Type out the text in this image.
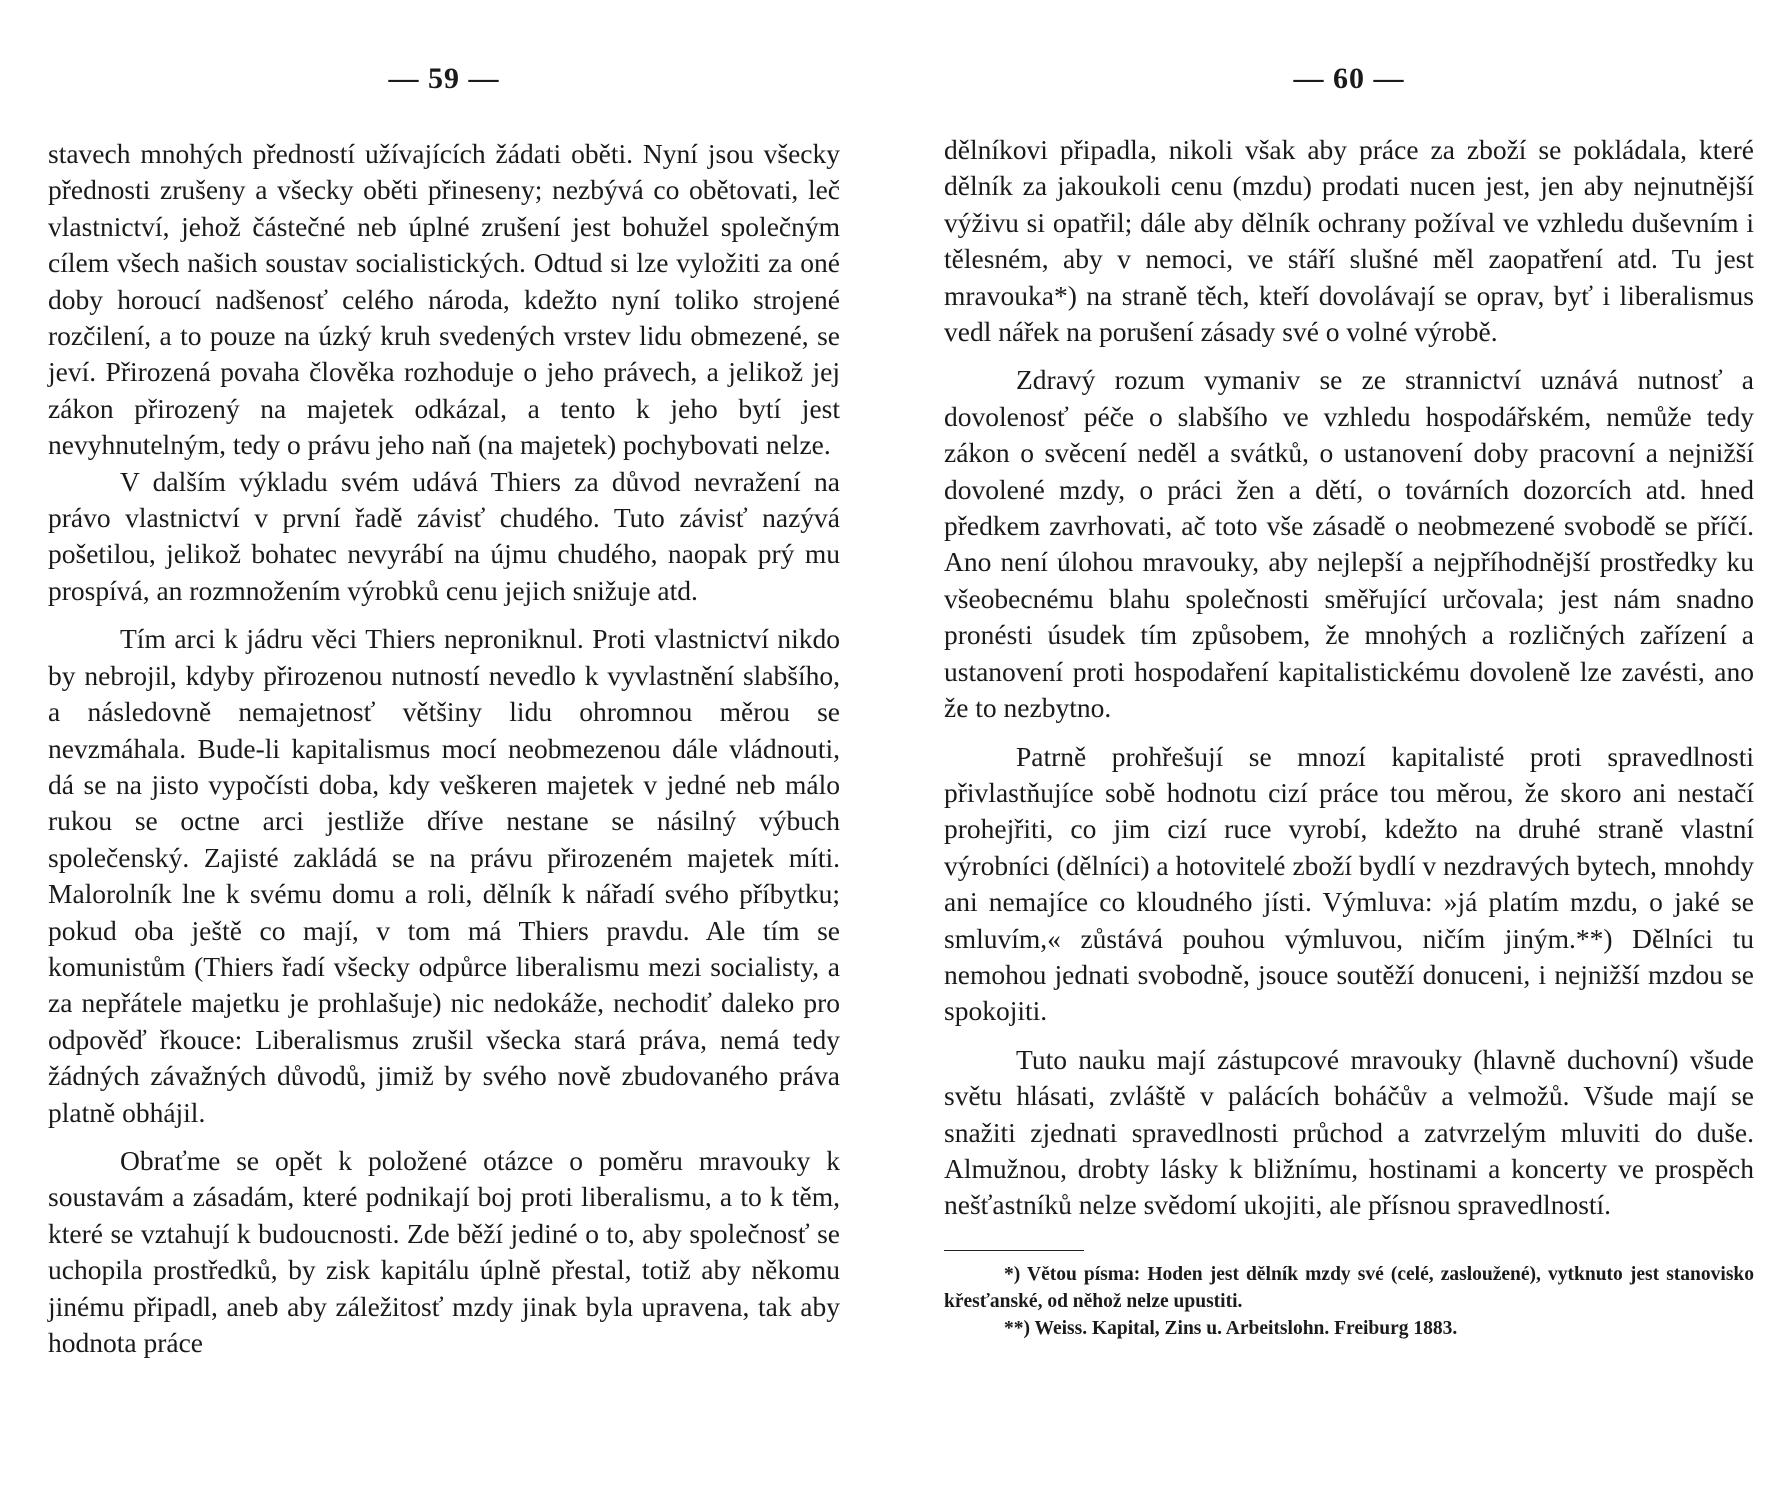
— 59 —

stavech mnohých předností užívajících žádati oběti. Nyní jsou všecky přednosti zrušeny a všecky oběti přineseny; nezbývá co obětovati, leč vlastnictví, jehož částečné neb úplné zrušení jest bohužel společným cílem všech našich soustav socialistických. Odtud si lze vyložiti za oné doby horoucí nadšenosť celého národa, kdežto nyní toliko strojené rozčilení, a to pouze na úzký kruh svedených vrstev lidu obmezené, se jeví. Přirozená povaha člověka rozhoduje o jeho právech, a jelikož jej zákon přirozený na majetek odkázal, a tento k jeho bytí jest nevyhnutelným, tedy o právu jeho naň (na majetek) pochybovati nelze.

V dalším výkladu svém udává Thiers za důvod nevražení na právo vlastnictví v první řadě závisť chudého. Tuto závisť nazývá pošetilou, jelikož bohatec nevyrábí na újmu chudého, naopak prý mu prospívá, an rozmnožením výrobků cenu jejich snižuje atd.

Tím arci k jádru věci Thiers neproniknul. Proti vlastnictví nikdo by nebrojil, kdyby přirozenou nutností nevedlo k vyvlastnění slabšího, a následovně nemajetnosť většiny lidu ohromnou měrou se nevzmáhala. Bude-li kapitalismus mocí neobmezenou dále vládnouti, dá se na jisto vypočísti doba, kdy veškeren majetek v jedné neb málo rukou se octne arci jestliže dříve nestane se násilný výbuch společenský. Zajisté zakládá se na právu přirozeném majetek míti. Malorolník lne k svému domu a roli, dělník k nářadí svého příbytku; pokud oba ještě co mají, v tom má Thiers pravdu. Ale tím se komunistům (Thiers řadí všecky odpůrce liberalismu mezi socialisty, a za nepřátele majetku je prohlašuje) nic nedokáže, nechodiť daleko pro odpověď řkouce: Liberalismus zrušil všecka stará práva, nemá tedy žádných závažných důvodů, jimiž by svého nově zbudovaného práva platně obhájil.

Obraťme se opět k položené otázce o poměru mravouky k soustavám a zásadám, které podnikají boj proti liberalismu, a to k těm, které se vztahují k budoucnosti. Zde běží jediné o to, aby společnosť se uchopila prostředků, by zisk kapitálu úplně přestal, totiž aby někomu jinému připadl, aneb aby záležitosť mzdy jinak byla upravena, tak aby hodnota práce

— 60 —

dělníkovi připadla, nikoli však aby práce za zboží se pokládala, které dělník za jakoukoli cenu (mzdu) prodati nucen jest, jen aby nejnutnější výživu si opatřil; dále aby dělník ochrany požíval ve vzhledu duševním i tělesném, aby v nemoci, ve stáří slušné měl zaopatření atd. Tu jest mravouka*) na straně těch, kteří dovolávají se oprav, byť i liberalismus vedl nářek na porušení zásady své o volné výrobě.

Zdravý rozum vymaniv se ze strannictví uznává nutnosť a dovolenosť péče o slabšího ve vzhledu hospodářském, nemůže tedy zákon o svěcení neděl a svátků, o ustanovení doby pracovní a nejnižší dovolené mzdy, o práci žen a dětí, o továrních dozorcích atd. hned předkem zavrhovati, ač toto vše zásadě o neobmezené svobodě se příčí. Ano není úlohou mravouky, aby nejlepší a nejpříhodnější prostředky ku všeobecnému blahu společnosti směřující určovala; jest nám snadno pronésti úsudek tím způsobem, že mnohých a rozličných zařízení a ustanovení proti hospodaření kapitalistickému dovoleně lze zavésti, ano že to nezbytno.

Patrně prohřešují se mnozí kapitalisté proti spravedlnosti přivlastňujíce sobě hodnotu cizí práce tou měrou, že skoro ani nestačí prohejřiti, co jim cizí ruce vyrobí, kdežto na druhé straně vlastní výrobníci (dělníci) a hotovitelé zboží bydlí v nezdravých bytech, mnohdy ani nemajíce co kloudného jísti. Výmluva: »já platím mzdu, o jaké se smluvím,« zůstává pouhou výmluvou, ničím jiným.**) Dělníci tu nemohou jednati svobodně, jsouce soutěží donuceni, i nejnižší mzdou se spokojiti.

Tuto nauku mají zástupcové mravouky (hlavně duchovní) všude světu hlásati, zvláště v palácích boháčův a velmožů. Všude mají se snažiti zjednati spravedlnosti průchod a zatvrzelým mluviti do duše. Almužnou, drobty lásky k bližnímu, hostinami a koncerty ve prospěch nešťastníků nelze svědomí ukojiti, ale přísnou spravedlností.

*) Větou písma: Hoden jest dělník mzdy své (celé, zasloužené), vytknuto jest stanovisko křesťanské, od něhož nelze upustiti.

**) Weiss. Kapital, Zins u. Arbeitslohn. Freiburg 1883.
